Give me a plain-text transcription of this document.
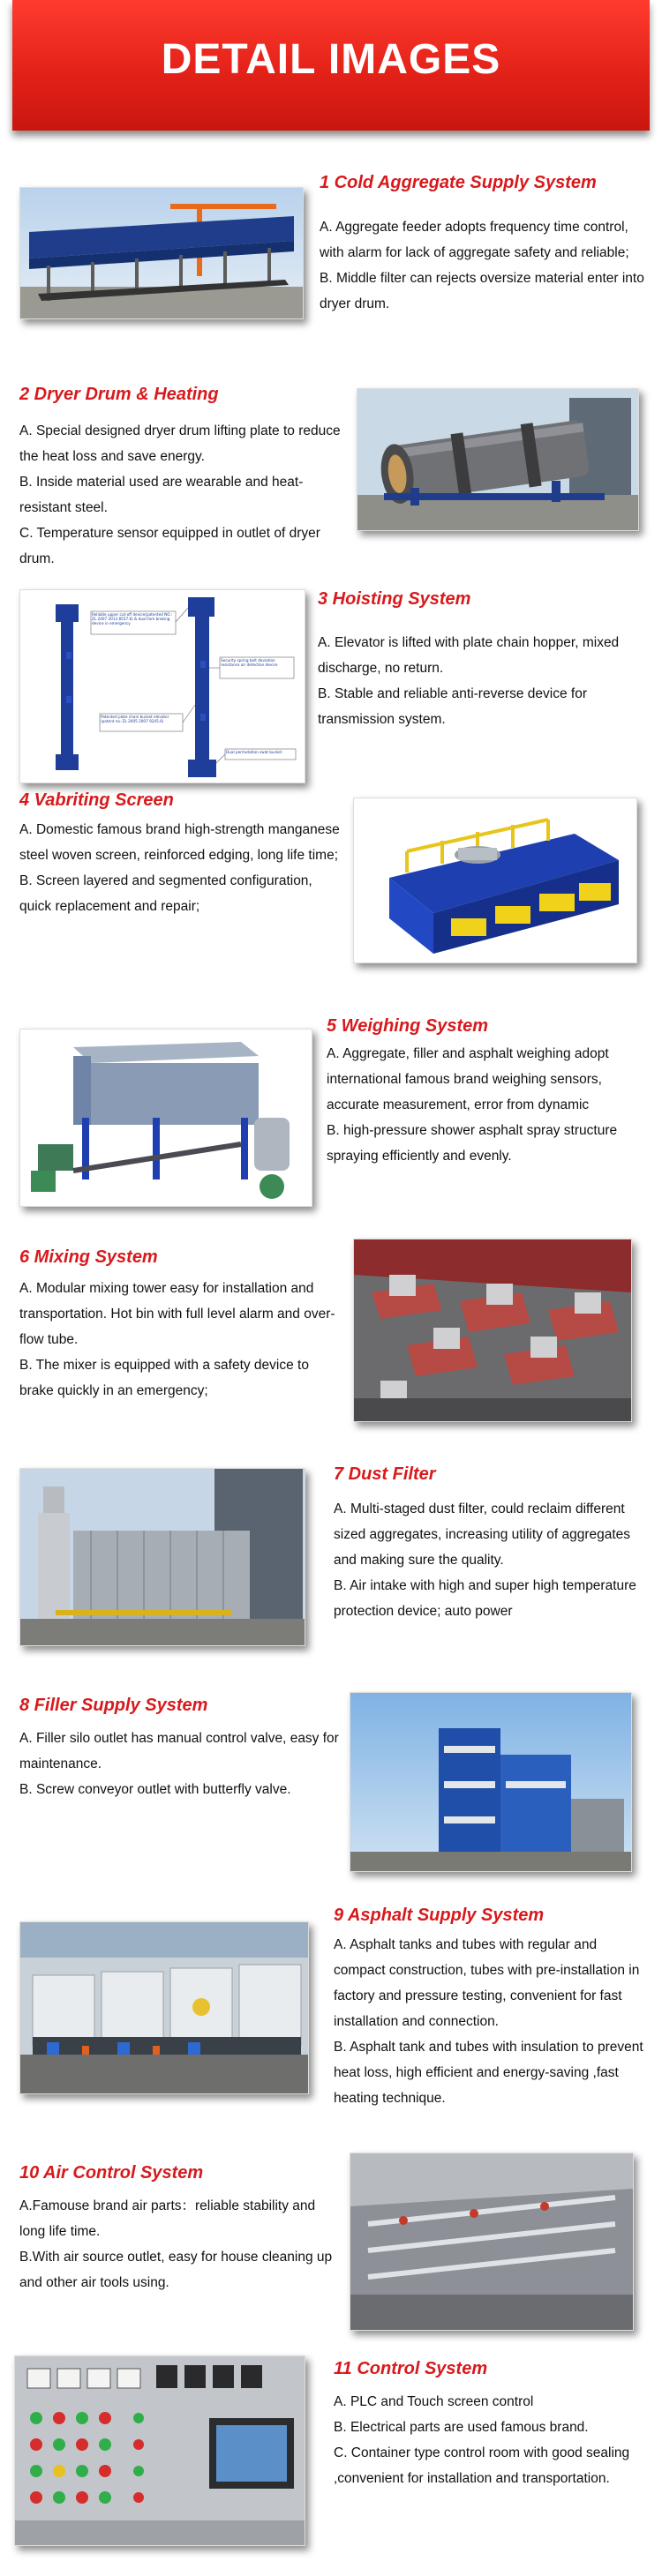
DETAIL IMAGES
1 Cold Aggregate Supply System

A. Aggregate feeder adopts frequency time control, with alarm for lack of aggregate safety and reliable;

B. Middle filter can rejects oversize material enter into dryer drum.

2 Dryer Drum & Heating

A. Special designed dryer drum lifting plate to reduce the heat loss and save energy.

B. Inside material used are wearable and heat-resistant steel.

C. Temperature sensor equipped in outlet of dryer drum.

Reliable upper cut-off device(patented NO.: ZL 2007 2013 8557.6) & dual fork braking device in emergency
Patented plate chain bucket elevator (patent no.:ZL 2005 2007 9245.6)
Security spring bolt deviation resistance air detection device
Dual permutation swat bucket
3 Hoisting System

A. Elevator is lifted with plate chain hopper, mixed discharge, no return.

B. Stable and reliable anti-reverse device for transmission system.

4 Vabriting Screen

A. Domestic famous brand high-strength manganese steel woven screen, reinforced edging, long life time;

B. Screen layered and segmented configuration, quick replacement and repair;

5 Weighing System

A. Aggregate, filler and asphalt weighing adopt international famous brand weighing sensors, accurate measurement, error from dynamic

B. high-pressure shower asphalt spray structure spraying efficiently and evenly.

6 Mixing System

A. Modular mixing tower easy for installation and transportation. Hot bin with full level alarm and over-flow tube.

B. The mixer is equipped with a safety device to brake quickly in an emergency;

7 Dust Filter

A. Multi-staged dust filter, could reclaim different sized aggregates, increasing utility of aggregates and making sure the quality.

B. Air intake with high and super high temperature protection device; auto power

8 Filler Supply System

A. Filler silo outlet has manual control valve, easy for maintenance.

B. Screw conveyor outlet with butterfly valve.

9 Asphalt Supply System

A. Asphalt tanks and tubes with regular and compact construction, tubes with pre-installation in factory and pressure testing, convenient for fast installation and connection.

B. Asphalt tank and tubes with insulation to prevent heat loss, high efficient and energy-saving ,fast heating technique.

10 Air Control System

A.Famouse brand air parts：reliable stability and long life time.

B.With air source outlet, easy for house cleaning up and other air tools using.

11 Control System

A. PLC and Touch screen control

B. Electrical parts are used famous brand.

C. Container type control room with good sealing ,convenient for installation and transportation.
